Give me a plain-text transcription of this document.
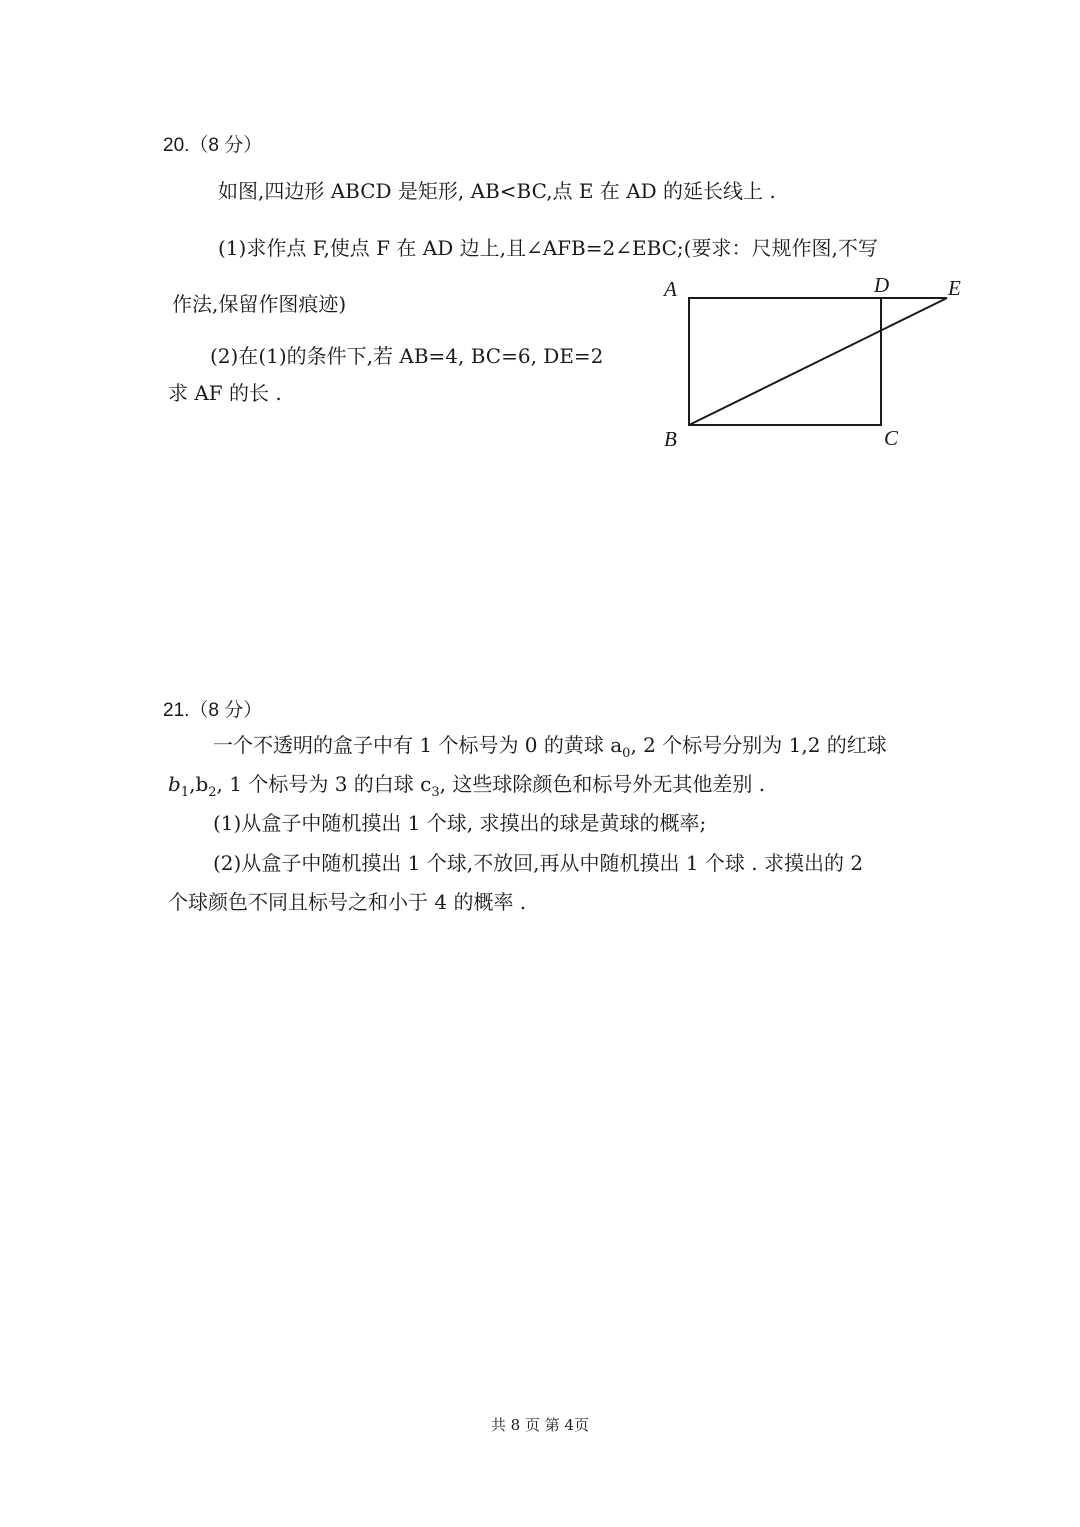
20.（8 分）
如图,四边形 ABCD 是矩形, AB<BC,点 E 在 AD 的延长线上 .
(1)求作点 F,使点 F 在 AD 边上,且∠AFB=2∠EBC;(要求：尺规作图,不写
作法,保留作图痕迹)
(2)在(1)的条件下,若 AB=4, BC=6, DE=2
求 AF 的长 .
A	D	E
B	C
21.（8 分）
一个不透明的盒子中有 1 个标号为 0 的黄球 $a_0$, 2 个标号分别为 1,2 的红球
$b_1,b_2$, 1 个标号为 3 的白球 $c_3$, 这些球除颜色和标号外无其他差别 .
(1)从盒子中随机摸出 1 个球, 求摸出的球是黄球的概率;
(2)从盒子中随机摸出 1 个球,不放回,再从中随机摸出 1 个球 . 求摸出的 2
个球颜色不同且标号之和小于 4 的概率 .
共 8 页 第 4页
